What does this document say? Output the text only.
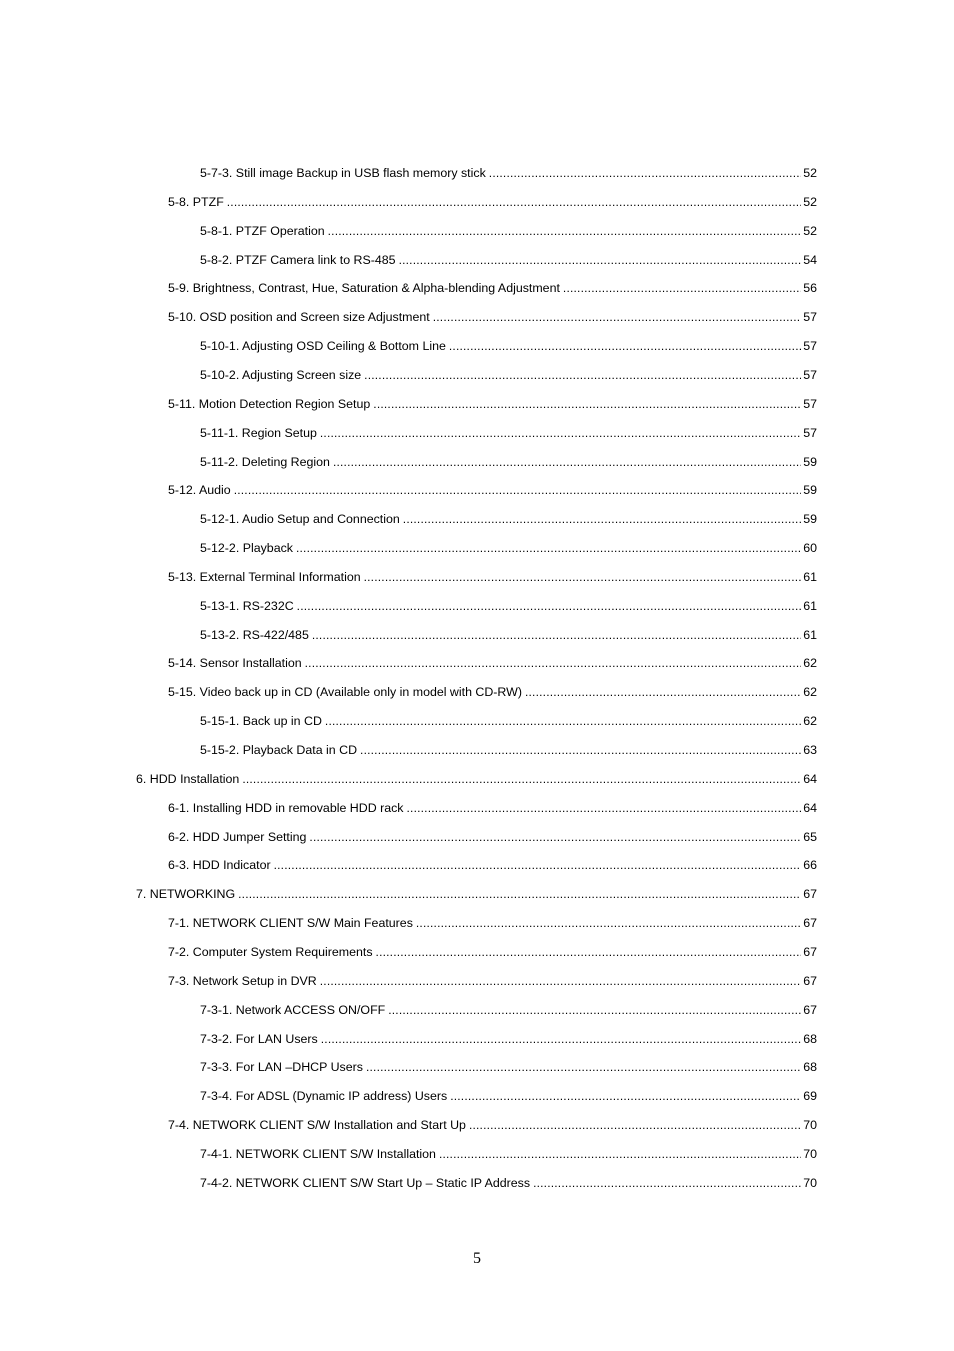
5-7-3. Still image Backup in USB flash memory stick .....	52
5-8. PTZF .....	52
5-8-1. PTZF Operation .....	52
5-8-2. PTZF Camera link to RS-485 .....	54
5-9. Brightness, Contrast, Hue, Saturation & Alpha-blending Adjustment .....	56
5-10. OSD position and Screen size Adjustment .....	57
5-10-1. Adjusting OSD Ceiling & Bottom Line .....	57
5-10-2. Adjusting Screen size .....	57
5-11. Motion Detection Region Setup .....	57
5-11-1. Region Setup .....	57
5-11-2. Deleting Region .....	59
5-12. Audio .....	59
5-12-1. Audio Setup and Connection .....	59
5-12-2. Playback .....	60
5-13. External Terminal Information .....	61
5-13-1. RS-232C .....	61
5-13-2. RS-422/485 .....	61
5-14. Sensor Installation .....	62
5-15. Video back up in CD (Available only in model with CD-RW) .....	62
5-15-1. Back up in CD .....	62
5-15-2. Playback Data in CD .....	63
6. HDD Installation .....	64
6-1. Installing HDD in removable HDD rack .....	64
6-2. HDD Jumper Setting .....	65
6-3. HDD Indicator .....	66
7. NETWORKING .....	67
7-1. NETWORK CLIENT S/W Main Features .....	67
7-2. Computer System Requirements .....	67
7-3. Network Setup in DVR .....	67
7-3-1. Network ACCESS ON/OFF .....	67
7-3-2. For LAN Users .....	68
7-3-3. For LAN –DHCP Users .....	68
7-3-4. For ADSL (Dynamic IP address) Users .....	69
7-4. NETWORK CLIENT S/W Installation and Start Up .....	70
7-4-1. NETWORK CLIENT S/W Installation .....	70
7-4-2. NETWORK CLIENT S/W Start Up – Static IP Address .....	70
5
